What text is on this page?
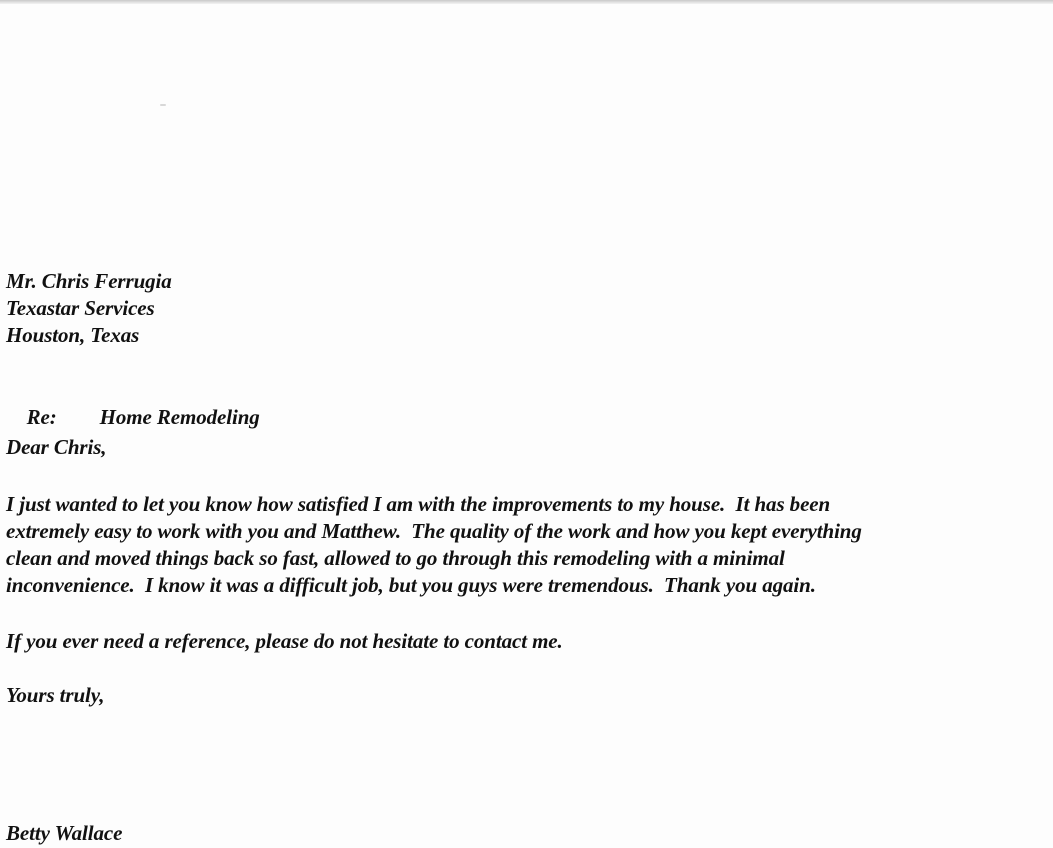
Mr. Chris Ferrugia
Texastar Services
Houston, Texas

Re: Home Remodeling

Dear Chris,
I just wanted to let you know how satisfied I am with the improvements to my house.  It has been
extremely easy to work with you and Matthew.  The quality of the work and how you kept everything
clean and moved things back so fast, allowed to go through this remodeling with a minimal
inconvenience.  I know it was a difficult job, but you guys were tremendous.  Thank you again.
If you ever need a reference, please do not hesitate to contact me.
Yours truly,
Betty Wallace
